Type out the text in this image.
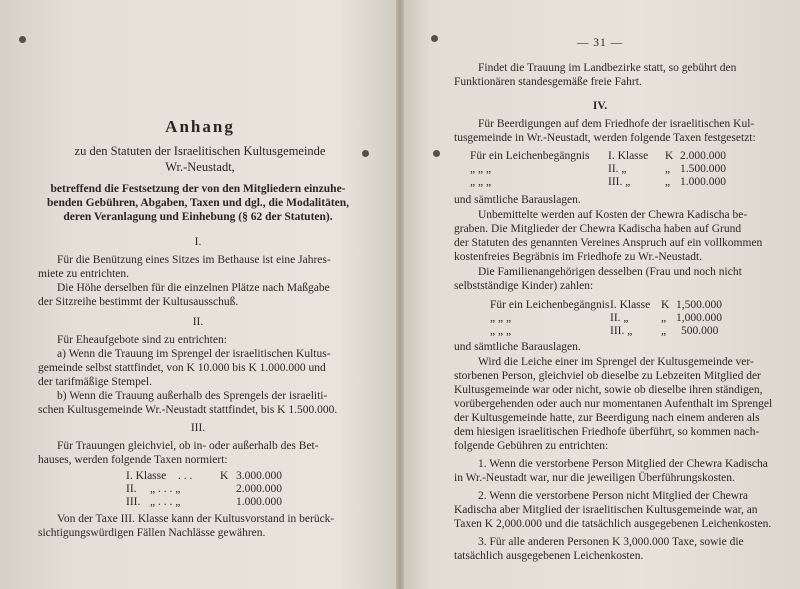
Anhang
zu den Statuten der Israelitischen Kultusgemeinde
Wr.-Neustadt,
betreffend die Festsetzung der von den Mitgliedern einzuhe-
benden Gebühren, Abgaben, Taxen und dgl., die Modalitäten,
deren Veranlagung und Einhebung (§ 62 der Statuten).
I.
Für die Benützung eines Sitzes im Bethause ist eine Jahres-
miete zu entrichten.
Die Höhe derselben für die einzelnen Plätze nach Maßgabe
der Sitzreihe bestimmt der Kultusausschuß.
II.
Für Eheaufgebote sind zu entrichten:
a) Wenn die Trauung im Sprengel der israelitischen Kultus-
gemeinde selbst stattfindet, von K 10.000 bis K 1.000.000 und
der tarifmäßige Stempel.
b) Wenn die Trauung außerhalb des Sprengels der israeliti-
schen Kultusgemeinde Wr.-Neustadt stattfindet, bis K 1.500.000.
III.
Für Trauungen gleichviel, ob in- oder außerhalb des Bet-
hauses, werden folgende Taxen normiert:
I. Klasse . . . K 3.000.000
II. „ . . . „	2.000.000
III. „ . . . „	1.000.000
Von der Taxe III. Klasse kann der Kultusvorstand in berück-
sichtigungswürdigen Fällen Nachlässe gewähren.
— 31 —
Findet die Trauung im Landbezirke statt, so gebührt den
Funktionären standesgemäße freie Fahrt.
IV.
Für Beerdigungen auf dem Friedhofe der israelitischen Kul-
tusgemeinde in Wr.-Neustadt, werden folgende Taxen festgesetzt:
Für ein Leichenbegängnis I. Klasse K 2.000.000
„ „ „	II. „	„ 1.500.000
„ „ „	III. „	„ 1.000.000
und sämtliche Barauslagen.
Unbemittelte werden auf Kosten der Chewra Kadischa be-
graben. Die Mitglieder der Chewra Kadischa haben auf Grund
der Statuten des genannten Vereines Anspruch auf ein vollkommen
kostenfreies Begräbnis im Friedhofe zu Wr.-Neustadt.
Die Familienangehörigen desselben (Frau und noch nicht
selbstständige Kinder) zahlen:
Für ein Leichenbegängnis I. Klasse K 1,500.000
„ „ „	II. „	„ 1,000.000
„ „ „	III. „ „ 500.000
und sämtliche Barauslagen.
Wird die Leiche einer im Sprengel der Kultusgemeinde ver-
storbenen Person, gleichviel ob dieselbe zu Lebzeiten Mitglied der
Kultusgemeinde war oder nicht, sowie ob dieselbe ihren ständigen,
vorübergehenden oder auch nur momentanen Aufenthalt im Sprengel
der Kultusgemeinde hatte, zur Beerdigung nach einem anderen als
dem hiesigen israelitischen Friedhofe überführt, so kommen nach-
folgende Gebühren zu entrichten:
1. Wenn die verstorbene Person Mitglied der Chewra Kadischa
in Wr.-Neustadt war, nur die jeweiligen Überführungskosten.
2. Wenn die verstorbene Person nicht Mitglied der Chewra
Kadischa aber Mitglied der israelitischen Kultusgemeinde war, an
Taxen K 2,000.000 und die tatsächlich ausgegebenen Leichenkosten.
3. Für alle anderen Personen K 3,000.000 Taxe, sowie die
tatsächlich ausgegebenen Leichenkosten.
